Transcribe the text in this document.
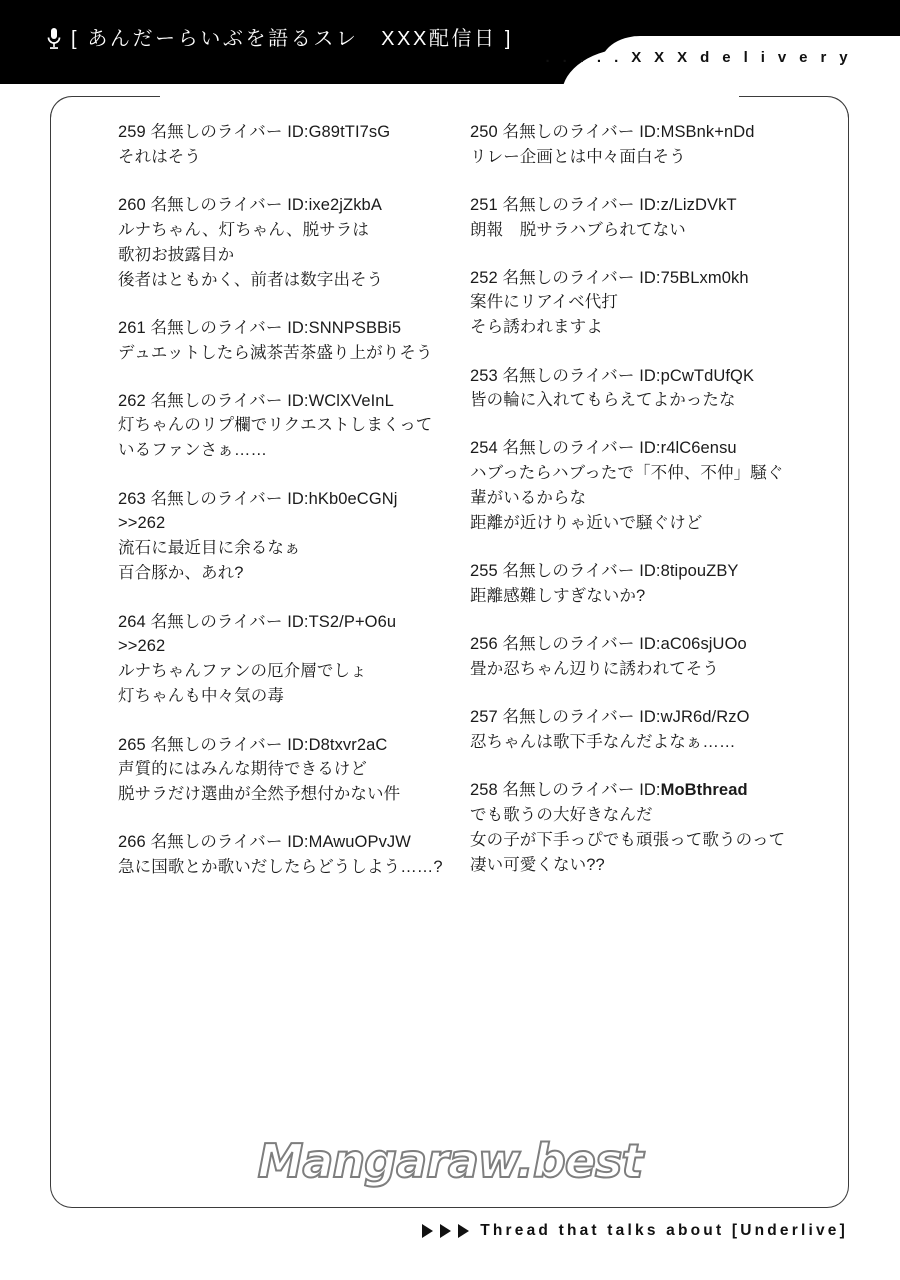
[ あんだーらいぶを語るスレ　XXX配信日 ]
. . . . . X X X d e l i v e r y
259 名無しのライバー ID:G89tTI7sG
それはそう
260 名無しのライバー ID:ixe2jZkbA
ルナちゃん、灯ちゃん、脱サラは
歌初お披露目か
後者はともかく、前者は数字出そう
261 名無しのライバー ID:SNNPSBBi5
デュエットしたら滅茶苦茶盛り上がりそう
262 名無しのライバー ID:WClXVeInL
灯ちゃんのリプ欄でリクエストしまくって
いるファンさぁ……
263 名無しのライバー ID:hKb0eCGNj
>>262
流石に最近目に余るなぁ
百合豚か、あれ?
264 名無しのライバー ID:TS2/P+O6u
>>262
ルナちゃんファンの厄介層でしょ
灯ちゃんも中々気の毒
265 名無しのライバー ID:D8txvr2aC
声質的にはみんな期待できるけど
脱サラだけ選曲が全然予想付かない件
266 名無しのライバー ID:MAwuOPvJW
急に国歌とか歌いだしたらどうしよう……?
250 名無しのライバー ID:MSBnk+nDd
リレー企画とは中々面白そう
251 名無しのライバー ID:z/LizDVkT
朗報　脱サラハブられてない
252 名無しのライバー ID:75BLxm0kh
案件にリアイベ代打
そら誘われますよ
253 名無しのライバー ID:pCwTdUfQK
皆の輪に入れてもらえてよかったな
254 名無しのライバー ID:r4lC6ensu
ハブったらハブったで「不仲、不仲」騒ぐ
輩がいるからな
距離が近けりゃ近いで騒ぐけど
255 名無しのライバー ID:8tipouZBY
距離感難しすぎないか?
256 名無しのライバー ID:aC06sjUOo
畳か忍ちゃん辺りに誘われてそう
257 名無しのライバー ID:wJR6d/RzO
忍ちゃんは歌下手なんだよなぁ……
258 名無しのライバー ID:MoBthread
でも歌うの大好きなんだ
女の子が下手っぴでも頑張って歌うのって
凄い可愛くない??
Mangaraw.best
Thread that talks about [Underlive]
